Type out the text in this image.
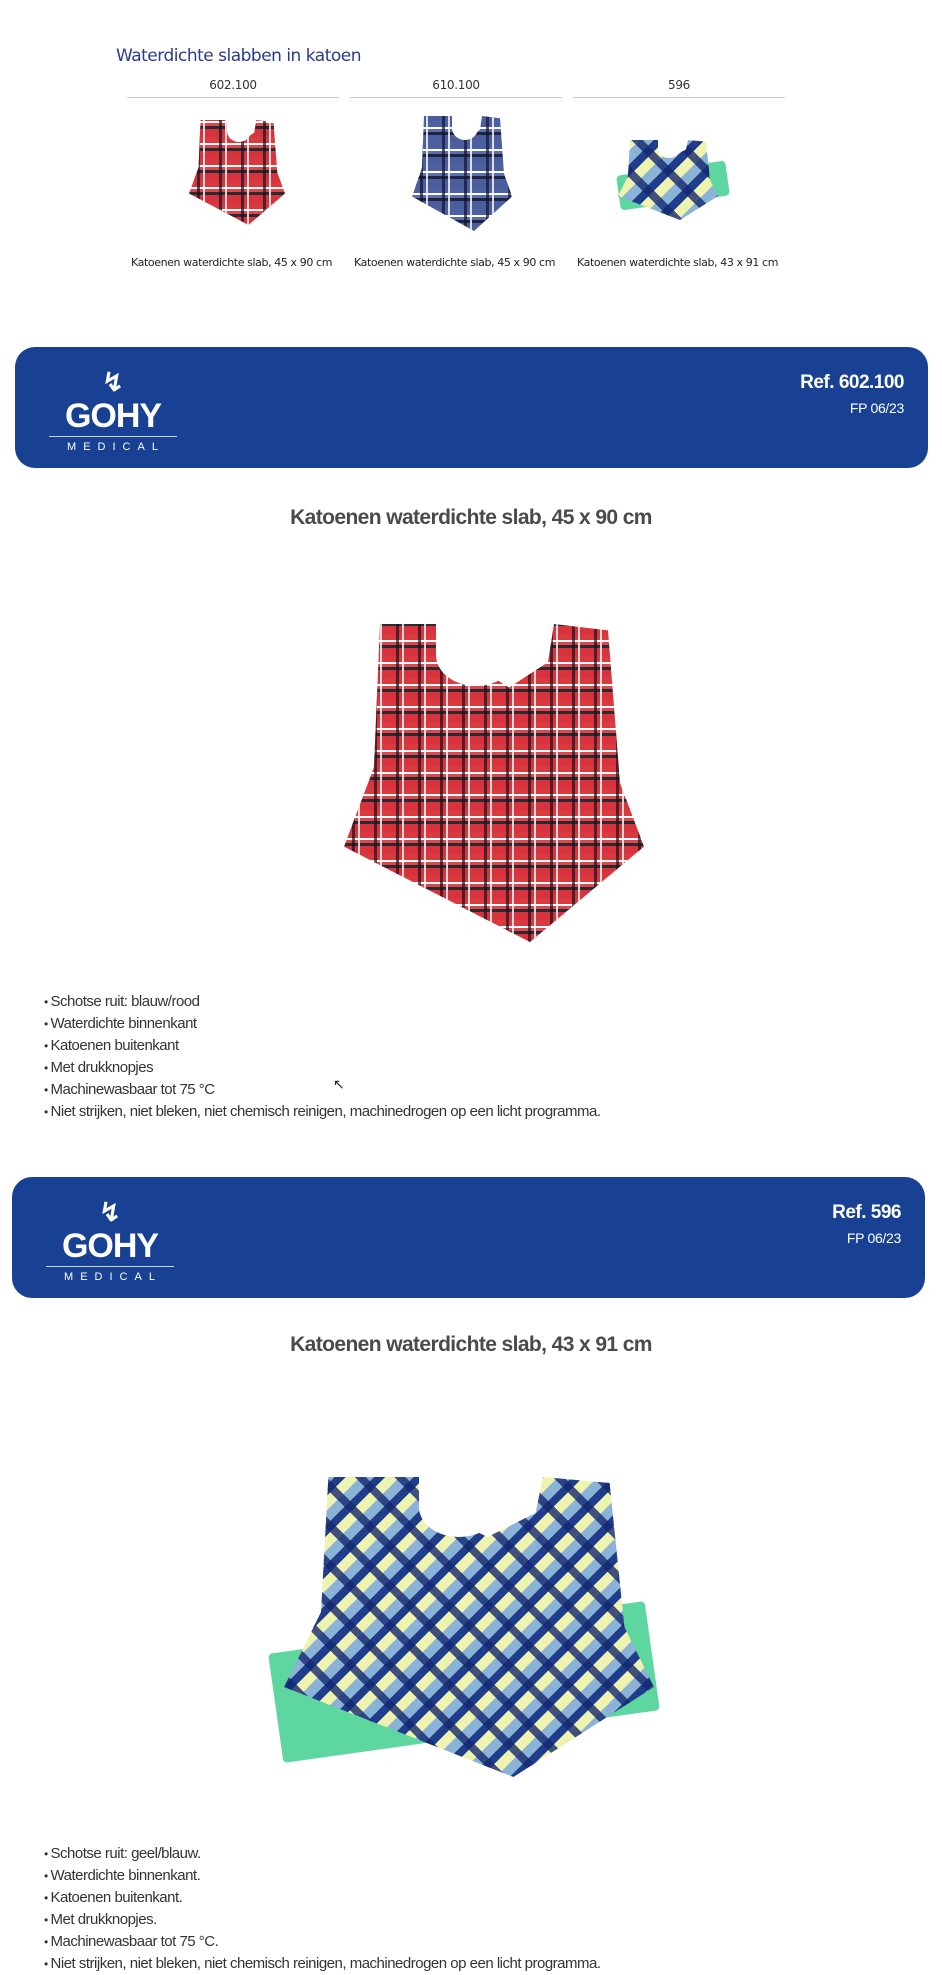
Waterdichte slabben in katoen
602.100
Katoenen waterdichte slab, 45 x 90 cm
610.100
Katoenen waterdichte slab, 45 x 90 cm
596
Katoenen waterdichte slab, 43 x 91 cm
↯
GOHY
MEDICAL
Ref. 602.100
FP 06/23
Katoenen waterdichte slab, 45 x 90 cm
• Schotse ruit: blauw/rood
• Waterdichte binnenkant
• Katoenen buitenkant
• Met drukknopjes
• Machinewasbaar tot 75 °C
• Niet strijken, niet bleken, niet chemisch reinigen, machinedrogen op een licht programma.
↖
↯
GOHY
MEDICAL
Ref. 596
FP 06/23
Katoenen waterdichte slab, 43 x 91 cm
• Schotse ruit: geel/blauw.
• Waterdichte binnenkant.
• Katoenen buitenkant.
• Met drukknopjes.
• Machinewasbaar tot 75 °C.
• Niet strijken, niet bleken, niet chemisch reinigen, machinedrogen op een licht programma.
